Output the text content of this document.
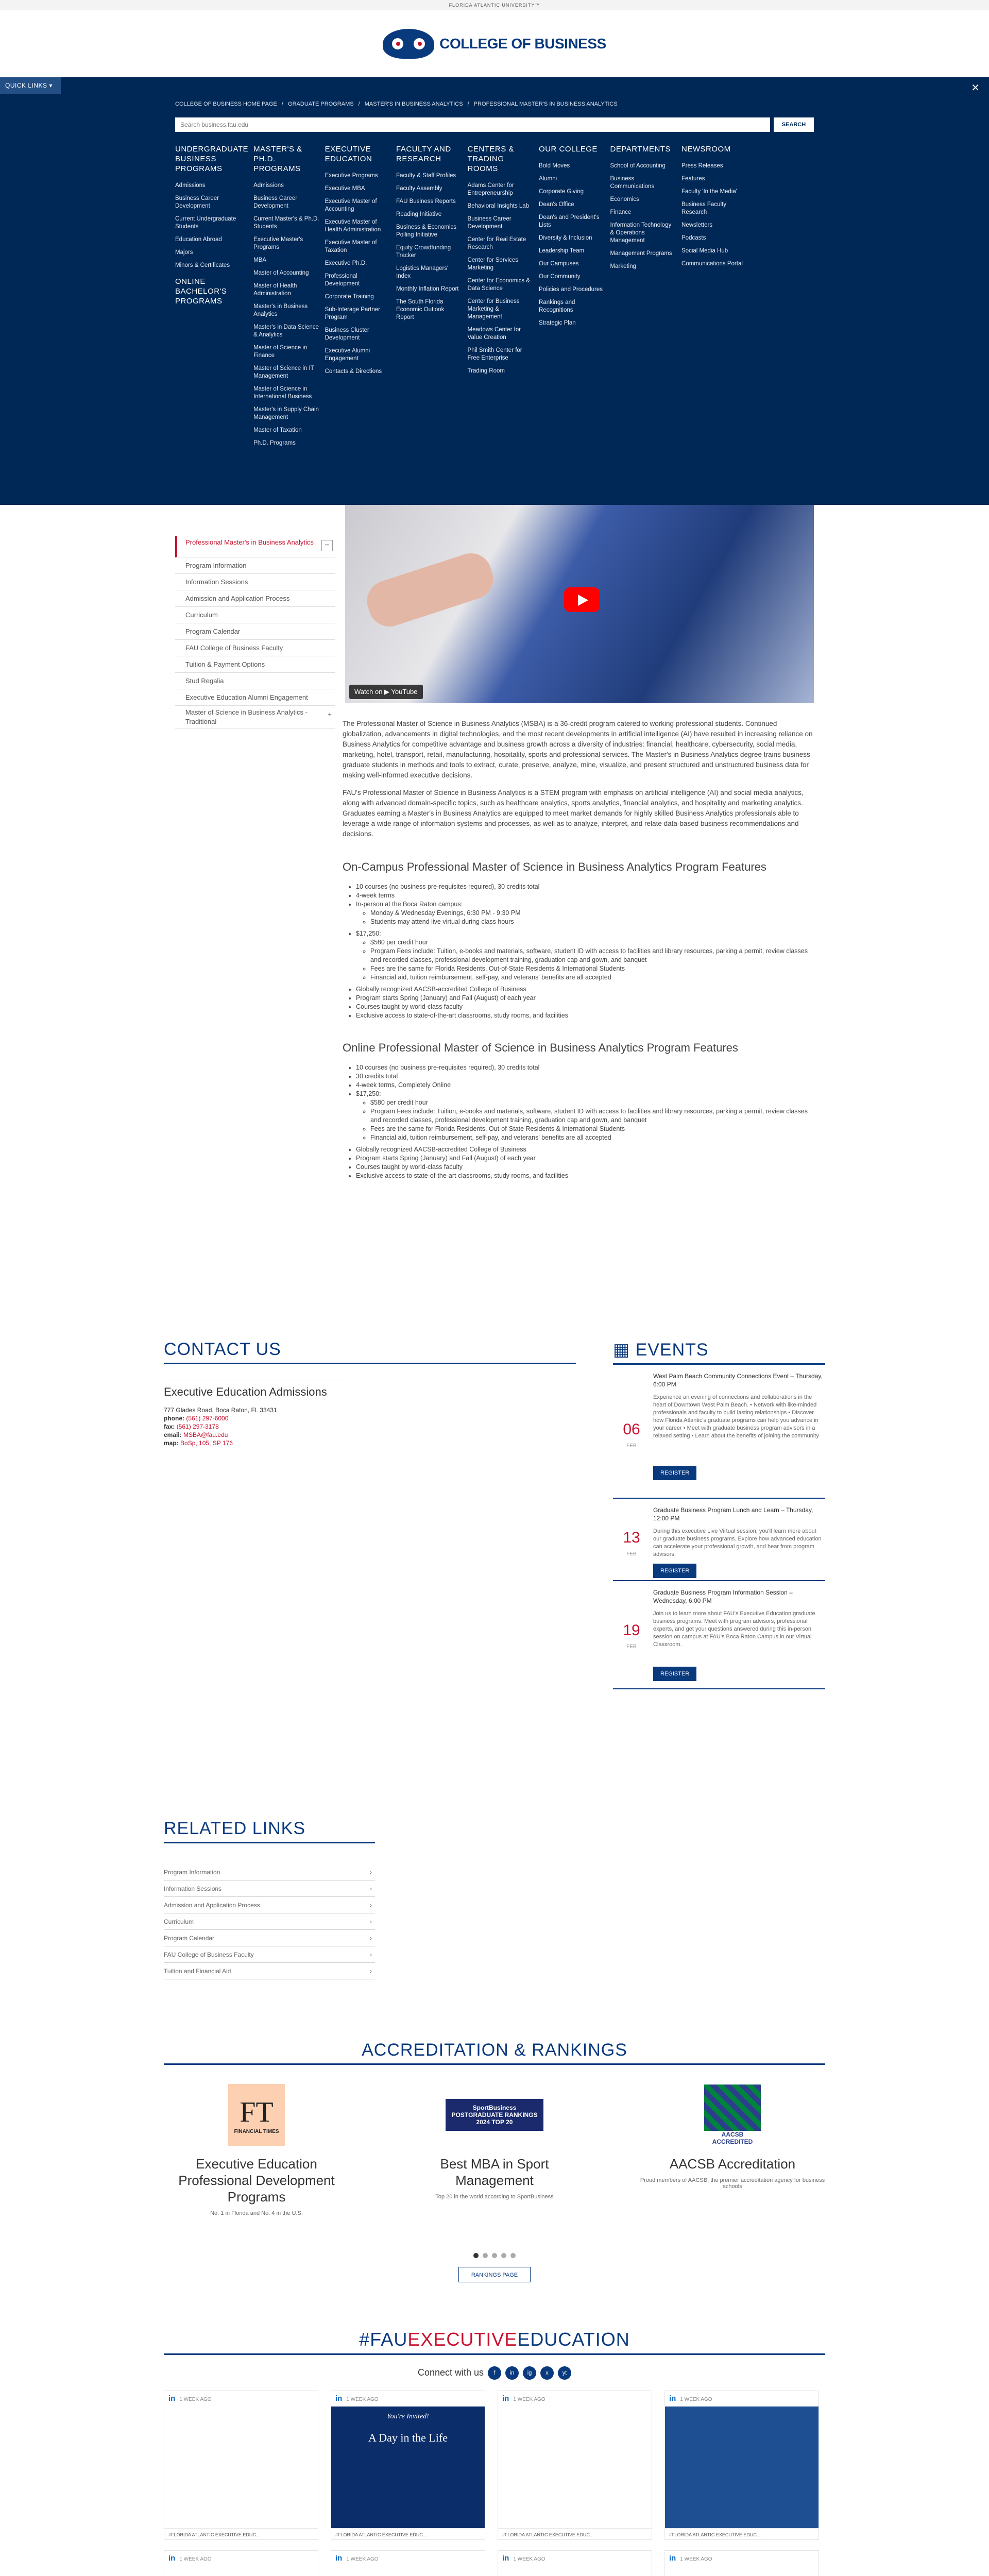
FLORIDA ATLANTIC UNIVERSITY™
COLLEGE OF BUSINESS
QUICK LINKS ▾	✕
COLLEGE OF BUSINESS HOME PAGE / GRADUATE PROGRAMS / MASTER'S IN BUSINESS ANALYTICS / PROFESSIONAL MASTER'S IN BUSINESS ANALYTICS
Search business.fau.edu
SEARCH
UNDERGRADUATE BUSINESS PROGRAMS
Admissions
Business Career Development
Current Undergraduate Students
Education Abroad
Majors
Minors & Certificates
ONLINE BACHELOR'S PROGRAMS
MASTER'S & PH.D. PROGRAMS
Admissions
Business Career Development
Current Master's & Ph.D. Students
Executive Master's Programs
MBA
Master of Accounting
Master of Health Administration
Master's in Business Analytics
Master's in Data Science & Analytics
Master of Science in Finance
Master of Science in IT Management
Master of Science in International Business
Master's in Supply Chain Management
Master of Taxation
Ph.D. Programs
EXECUTIVE EDUCATION
Executive Programs
Executive MBA
Executive Master of Accounting
Executive Master of Health Administration
Executive Master of Taxation
Executive Ph.D.
Professional Development
Corporate Training
Sub-Interage Partner Program
Business Cluster Development
Executive Alumni Engagement
Contacts & Directions
FACULTY AND RESEARCH
Faculty & Staff Profiles
Faculty Assembly
FAU Business Reports
Reading Initiative
Business & Economics Polling Initiative
Equity Crowdfunding Tracker
Logistics Managers' Index
Monthly Inflation Report
The South Florida Economic Outlook Report
CENTERS & TRADING ROOMS
Adams Center for Entrepreneurship
Behavioral Insights Lab
Business Career Development
Center for Real Estate Research
Center for Services Marketing
Center for Economics & Data Science
Center for Business Marketing & Management
Meadows Center for Value Creation
Phil Smith Center for Free Enterprise
Trading Room
OUR COLLEGE
Bold Moves
Alumni
Corporate Giving
Dean's Office
Dean's and President's Lists
Diversity & Inclusion
Leadership Team
Our Campuses
Our Community
Policies and Procedures
Rankings and Recognitions
Strategic Plan
DEPARTMENTS
School of Accounting
Business Communications
Economics
Finance
Information Technology & Operations Management
Management Programs
Marketing
NEWSROOM
Press Releases
Features
Faculty 'In the Media'
Business Faculty Research
Newsletters
Podcasts
Social Media Hub
Communications Portal
Professional Master's in Business Analytics	−
Program Information
Information Sessions
Admission and Application Process
Curriculum
Program Calendar
FAU College of Business Faculty
Tuition & Payment Options
Stud Regalia
Executive Education Alumni Engagement
Master of Science in Business Analytics - Traditional
+
Watch on ▶ YouTube

The Professional Master of Science in Business Analytics (MSBA) is a 36-credit program catered to working professional students. Continued globalization, advancements in digital technologies, and the most recent developments in artificial intelligence (AI) have resulted in increasing reliance on Business Analytics for competitive advantage and business growth across a diversity of industries: financial, healthcare, cybersecurity, social media, marketing, hotel, transport, retail, manufacturing, hospitality, sports and professional services. The Master's in Business Analytics degree trains business graduate students in methods and tools to extract, curate, preserve, analyze, mine, visualize, and present structured and unstructured business data for making well-informed executive decisions.

FAU's Professional Master of Science in Business Analytics is a STEM program with emphasis on artificial intelligence (AI) and social media analytics, along with advanced domain-specific topics, such as healthcare analytics, sports analytics, financial analytics, and hospitality and marketing analytics. Graduates earning a Master's in Business Analytics are equipped to meet market demands for highly skilled Business Analytics professionals able to leverage a wide range of information systems and processes, as well as to analyze, interpret, and relate data-based business recommendations and decisions.

On-Campus Professional Master of Science in Business Analytics Program Features
• 10 courses (no business pre-requisites required), 30 credits total
• 4-week terms
• In-person at the Boca Raton campus:
◦ Monday & Wednesday Evenings, 6:30 PM - 9:30 PM
◦ Students may attend live virtual during class hours
• $17,250:
◦ $580 per credit hour
◦ Program Fees include: Tuition, e-books and materials, software, student ID with access to facilities and library resources, parking a permit, review classes and recorded classes, professional development training, graduation cap and gown, and banquet
◦ Fees are the same for Florida Residents, Out-of-State Residents & International Students
◦ Financial aid, tuition reimbursement, self-pay, and veterans' benefits are all accepted
• Globally recognized AACSB-accredited College of Business
• Program starts Spring (January) and Fall (August) of each year
• Courses taught by world-class faculty
• Exclusive access to state-of-the-art classrooms, study rooms, and facilities
Online Professional Master of Science in Business Analytics Program Features
• 10 courses (no business pre-requisites required), 30 credits total
• 30 credits total
• 4-week terms, Completely Online
• $17,250:
◦ $580 per credit hour
◦ Program Fees include: Tuition, e-books and materials, software, student ID with access to facilities and library resources, parking a permit, review classes and recorded classes, professional development training, graduation cap and gown, and banquet
◦ Fees are the same for Florida Residents, Out-of-State Residents & International Students
◦ Financial aid, tuition reimbursement, self-pay, and veterans' benefits are all accepted
• Globally recognized AACSB-accredited College of Business
• Program starts Spring (January) and Fall (August) of each year
• Courses taught by world-class faculty
• Exclusive access to state-of-the-art classrooms, study rooms, and facilities
CONTACT US
Executive Education Admissions
777 Glades Road, Boca Raton, FL 33431
phone: (561) 297-6000
fax: (561) 297-3178
email: MSBA@fau.edu
map: BoSp, 105, SP 176
▦ EVENTS
06
FEB
West Palm Beach Community Connections Event – Thursday, 6:00 PM
Experience an evening of connections and collaborations in the heart of Downtown West Palm Beach. • Network with like-minded professionals and faculty to build lasting relationships • Discover how Florida Atlantic's graduate programs can help you advance in your career • Meet with graduate business program advisors in a relaxed setting • Learn about the benefits of joining the community
REGISTER
13
FEB
Graduate Business Program Lunch and Learn – Thursday, 12:00 PM
During this executive Live Virtual session, you'll learn more about our graduate business programs. Explore how advanced education can accelerate your professional growth, and hear from program advisors.
REGISTER
19
FEB
Graduate Business Program Information Session – Wednesday, 6:00 PM
Join us to learn more about FAU's Executive Education graduate business programs. Meet with program advisors, professional experts, and get your questions answered during this in-person session on campus at FAU's Boca Raton Campus in our Virtual Classroom.
REGISTER
RELATED LINKS
Program Information ›
Information Sessions ›
Admission and Application Process ›
Curriculum ›
Program Calendar ›
FAU College of Business Faculty ›
Tuition and Financial Aid ›
ACCREDITATION & RANKINGS
FT
FINANCIAL TIMES
Executive Education Professional Development Programs

No. 1 in Florida and No. 4 in the U.S.

SportBusiness POSTGRADUATE RANKINGS 2024 TOP 20
Best MBA in Sport Management

Top 20 in the world according to SportBusiness

AACSB ACCREDITED
AACSB Accreditation

Proud members of AACSB, the premier accreditation agency for business schools

RANKINGS PAGE
#FAUEXECUTIVEEDUCATION
Connect with us f	in ig x yt
in 1 WEEK AGO
#FLORIDA ATLANTIC EXECUTIVE EDUC...
in 1 WEEK AGO
You're Invited!
A Day in the Life
#FLORIDA ATLANTIC EXECUTIVE EDUC...
in 1 WEEK AGO
#FLORIDA ATLANTIC EXECUTIVE EDUC...
in 1 WEEK AGO
#FLORIDA ATLANTIC EXECUTIVE EDUC...
in 1 WEEK AGO	in 1 WEEK AGO	in 1 WEEK AGO	in 1 WEEK AGO
